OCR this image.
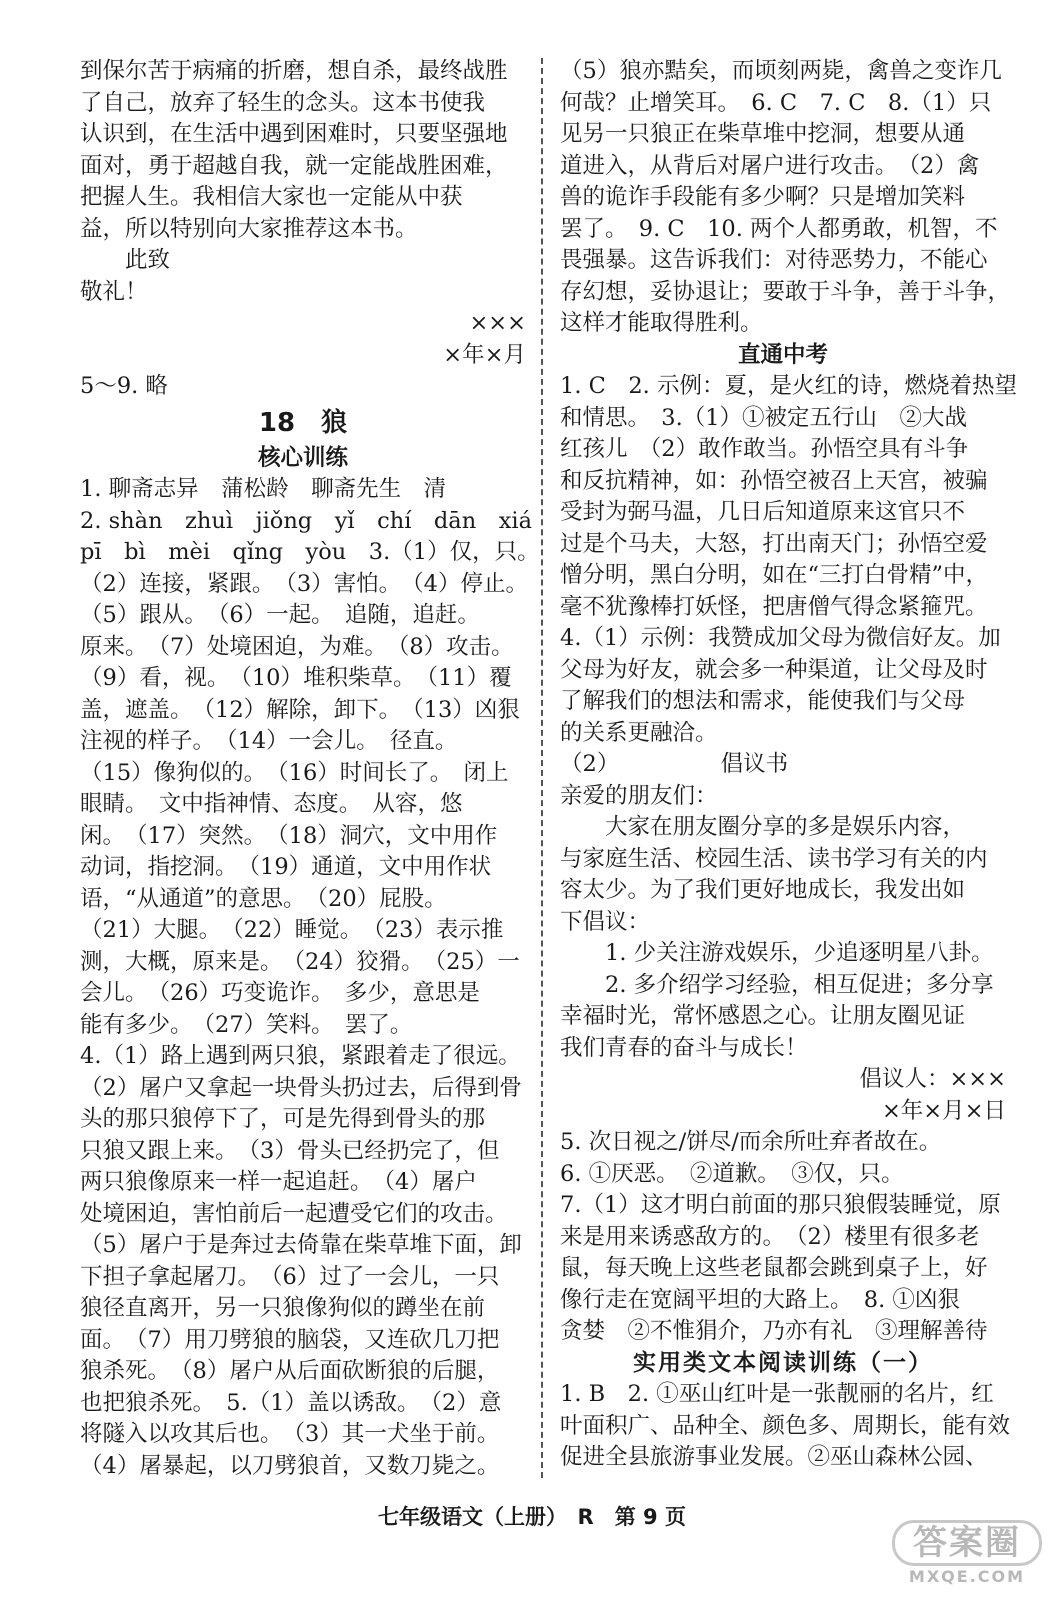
到保尔苦于病痛的折磨，想自杀，最终战胜
了自己，放弃了轻生的念头。这本书使我
认识到，在生活中遇到困难时，只要坚强地
面对，勇于超越自我，就一定能战胜困难，
把握人生。我相信大家也一定能从中获
益，所以特别向大家推荐这本书。
此致
敬礼！
×××
×年×月
5～9. 略
18　狼
核心训练
1. 聊斋志异　蒲松龄　聊斋先生　清
2. shàn　zhuì　jiǒng　yǐ　chí　dān　xiá
pī　bì　mèi　qǐng　yòu　3.（1）仅，只。
（2）连接，紧跟。　（3）害怕。　（4）停止。
（5）跟从。　（6）一起。　追随，追赶。
原来。　（7）处境困迫，为难。　（8）攻击。
（9）看，视。　（10）堆积柴草。　（11）覆
盖，遮盖。　（12）解除，卸下。　（13）凶狠
注视的样子。　（14）一会儿。　径直。
（15）像狗似的。　（16）时间长了。　闭上
眼睛。　文中指神情、态度。　从容，悠
闲。　（17）突然。　（18）洞穴，文中用作
动词，指挖洞。　（19）通道，文中用作状
语，“从通道”的意思。　（20）屁股。
（21）大腿。　（22）睡觉。　（23）表示推
测，大概，原来是。　（24）狡猾。　（25）一
会儿。　（26）巧变诡诈。　多少，意思是
能有多少。　（27）笑料。　罢了。
4.（1）路上遇到两只狼，紧跟着走了很远。
（2）屠户又拿起一块骨头扔过去，后得到骨
头的那只狼停下了，可是先得到骨头的那
只狼又跟上来。　（3）骨头已经扔完了，但
两只狼像原来一样一起追赶。　（4）屠户
处境困迫，害怕前后一起遭受它们的攻击。
（5）屠户于是奔过去倚靠在柴草堆下面，卸
下担子拿起屠刀。　（6）过了一会儿，一只
狼径直离开，另一只狼像狗似的蹲坐在前
面。　（7）用刀劈狼的脑袋，又连砍几刀把
狼杀死。　（8）屠户从后面砍断狼的后腿，
也把狼杀死。　5.（1）盖以诱敌。　（2）意
将隧入以攻其后也。　（3）其一犬坐于前。
（4）屠暴起，以刀劈狼首，又数刀毙之。
（5）狼亦黠矣，而顷刻两毙，禽兽之变诈几
何哉？止增笑耳。　6. C　7. C　8.（1）只
见另一只狼正在柴草堆中挖洞，想要从通
道进入，从背后对屠户进行攻击。　（2）禽
兽的诡诈手段能有多少啊？只是增加笑料
罢了。　9. C　10. 两个人都勇敢，机智，不
畏强暴。这告诉我们：对待恶势力，不能心
存幻想，妥协退让；要敢于斗争，善于斗争，
这样才能取得胜利。
直通中考
1. C　2. 示例：夏，是火红的诗，燃烧着热望
和情思。　3.（1）①被定五行山　②大战
红孩儿　（2）敢作敢当。孙悟空具有斗争
和反抗精神，如：孙悟空被召上天宫，被骗
受封为弼马温，几日后知道原来这官只不
过是个马夫，大怒，打出南天门；孙悟空爱
憎分明，黑白分明，如在“三打白骨精”中，
毫不犹豫棒打妖怪，把唐僧气得念紧箍咒。
4.（1）示例：我赞成加父母为微信好友。加
父母为好友，就会多一种渠道，让父母及时
了解我们的想法和需求，能使我们与父母
的关系更融洽。
（2）　　　　　倡议书
亲爱的朋友们：
大家在朋友圈分享的多是娱乐内容，
与家庭生活、校园生活、读书学习有关的内
容太少。为了我们更好地成长，我发出如
下倡议：
1. 少关注游戏娱乐，少追逐明星八卦。
2. 多介绍学习经验，相互促进；多分享
幸福时光，常怀感恩之心。让朋友圈见证
我们青春的奋斗与成长！
倡议人：×××
×年×月×日
5. 次日视之/饼尽/而余所吐弃者故在。
6. ①厌恶。　②道歉。　③仅，只。
7.（1）这才明白前面的那只狼假装睡觉，原
来是用来诱惑敌方的。　（2）楼里有很多老
鼠，每天晚上这些老鼠都会跳到桌子上，好
像行走在宽阔平坦的大路上。　8. ①凶狠
贪婪　②不惟狷介，乃亦有礼　③理解善待
实用类文本阅读训练（一）
1. B　2. ①巫山红叶是一张靓丽的名片，红
叶面积广、品种全、颜色多、周期长，能有效
促进全县旅游事业发展。②巫山森林公园、
七年级语文（上册）　R　第 9 页
答案圈
MXQE.COM
